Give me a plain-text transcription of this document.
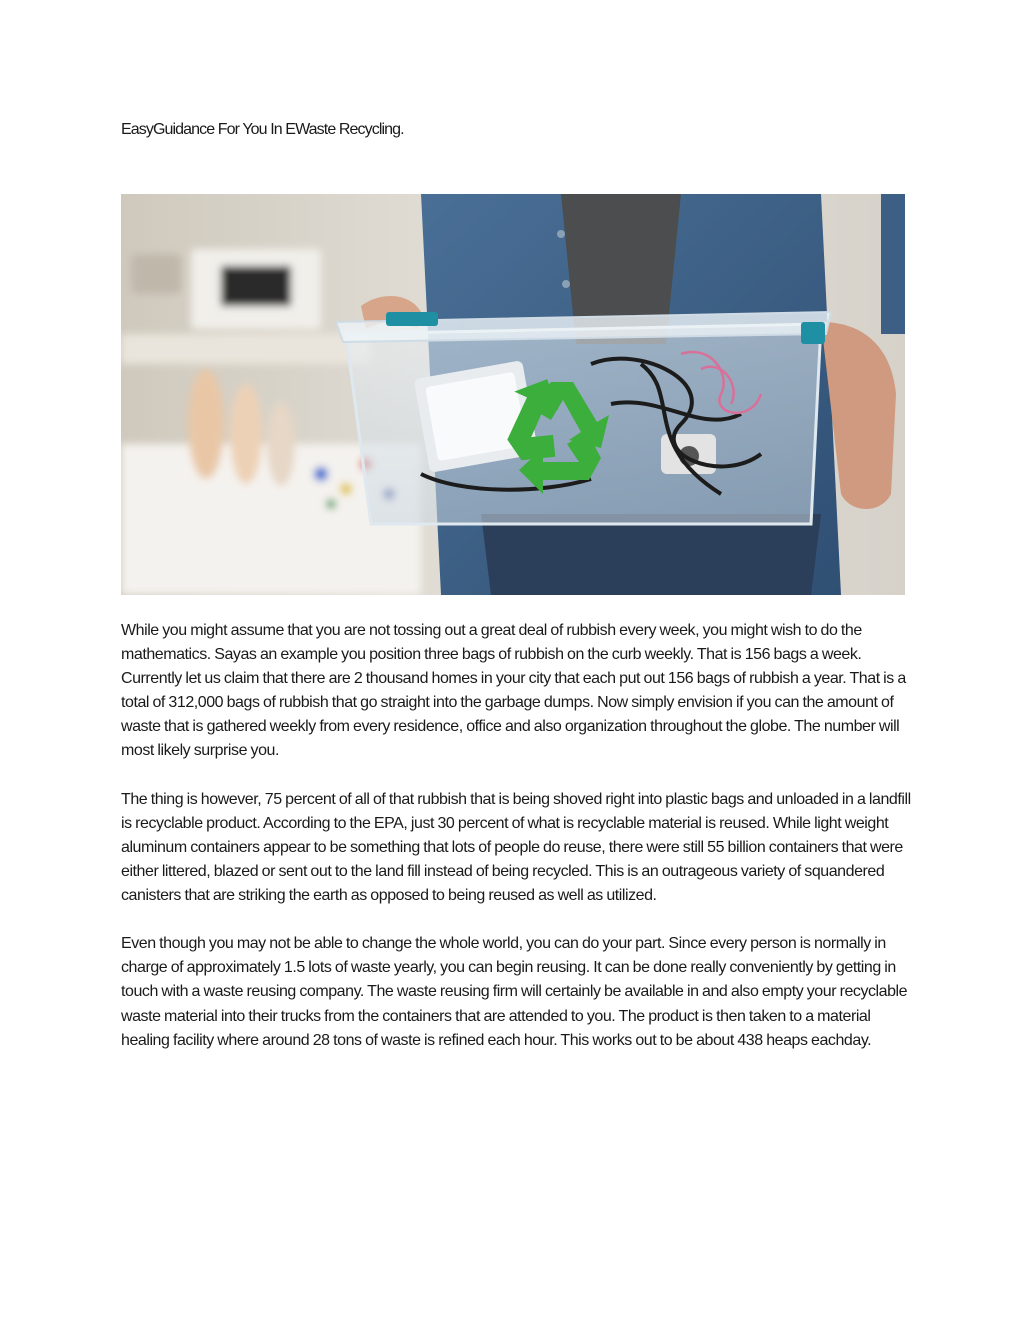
EasyGuidance For You In EWaste Recycling.

While you might assume that you are not tossing out a great deal of rubbish every week, you might wish to do the mathematics. Sayas an example you position three bags of rubbish on the curb weekly. That is 156 bags a week. Currently let us claim that there are 2 thousand homes in your city that each put out 156 bags of rubbish a year. That is a total of 312,000 bags of rubbish that go straight into the garbage dumps. Now simply envision if you can the amount of waste that is gathered weekly from every residence, office and also organization throughout the globe. The number will most likely surprise you.

The thing is however, 75 percent of all of that rubbish that is being shoved right into plastic bags and unloaded in a landfill is recyclable product. According to the EPA, just 30 percent of what is recyclable material is reused. While light weight aluminum containers appear to be something that lots of people do reuse, there were still 55 billion containers that were either littered, blazed or sent out to the land fill instead of being recycled. This is an outrageous variety of squandered canisters that are striking the earth as opposed to being reused as well as utilized.

Even though you may not be able to change the whole world, you can do your part. Since every person is normally in charge of approximately 1.5 lots of waste yearly, you can begin reusing. It can be done really conveniently by getting in touch with a waste reusing company. The waste reusing firm will certainly be available in and also empty your recyclable waste material into their trucks from the containers that are attended to you. The product is then taken to a material healing facility where around 28 tons of waste is refined each hour. This works out to be about 438 heaps eachday.
